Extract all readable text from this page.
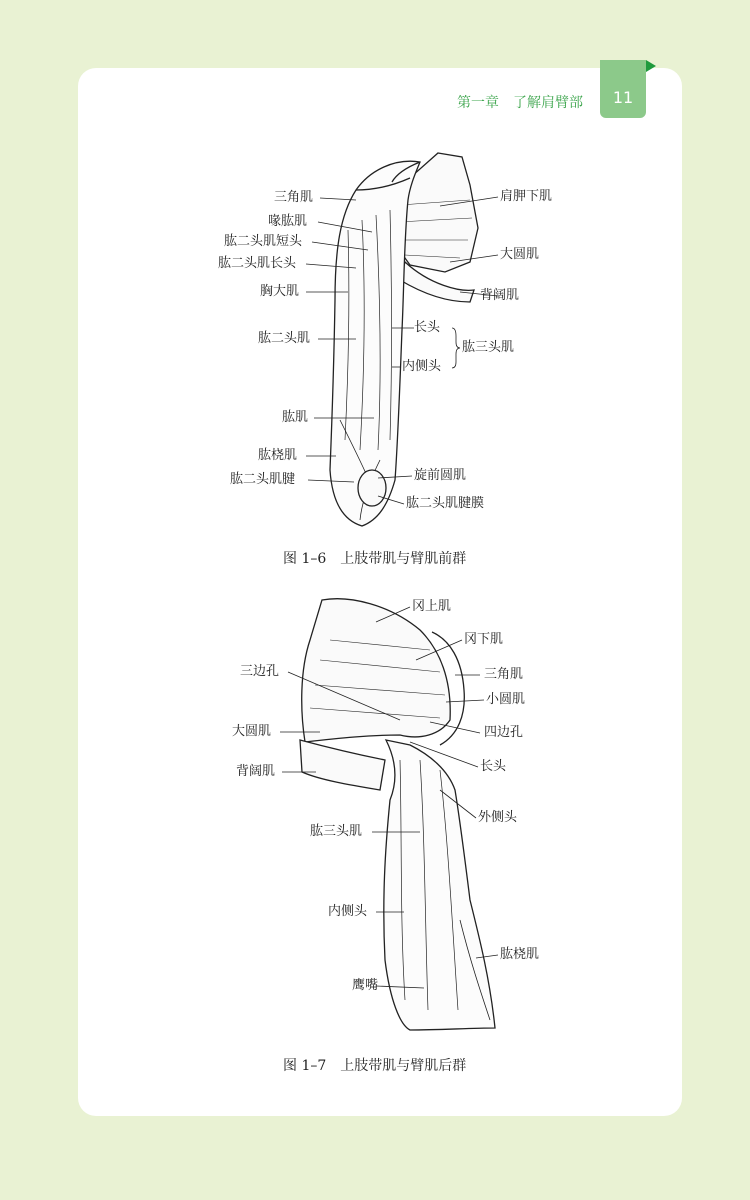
11
第一章　了解肩臂部
三角肌
喙肱肌
肱二头肌短头
肱二头肌长头
胸大肌
肱二头肌
肱肌
肱桡肌
肱二头肌腱
肩胛下肌
大圆肌
背阔肌
长头
内侧头
肱三头肌
旋前圆肌
肱二头肌腱膜
图 1–6　上肢带肌与臂肌前群
冈上肌
冈下肌
三角肌
小圆肌
四边孔
长头
外侧头
三边孔
大圆肌
背阔肌
肱三头肌
内侧头
鹰嘴
肱桡肌
图 1–7　上肢带肌与臂肌后群
